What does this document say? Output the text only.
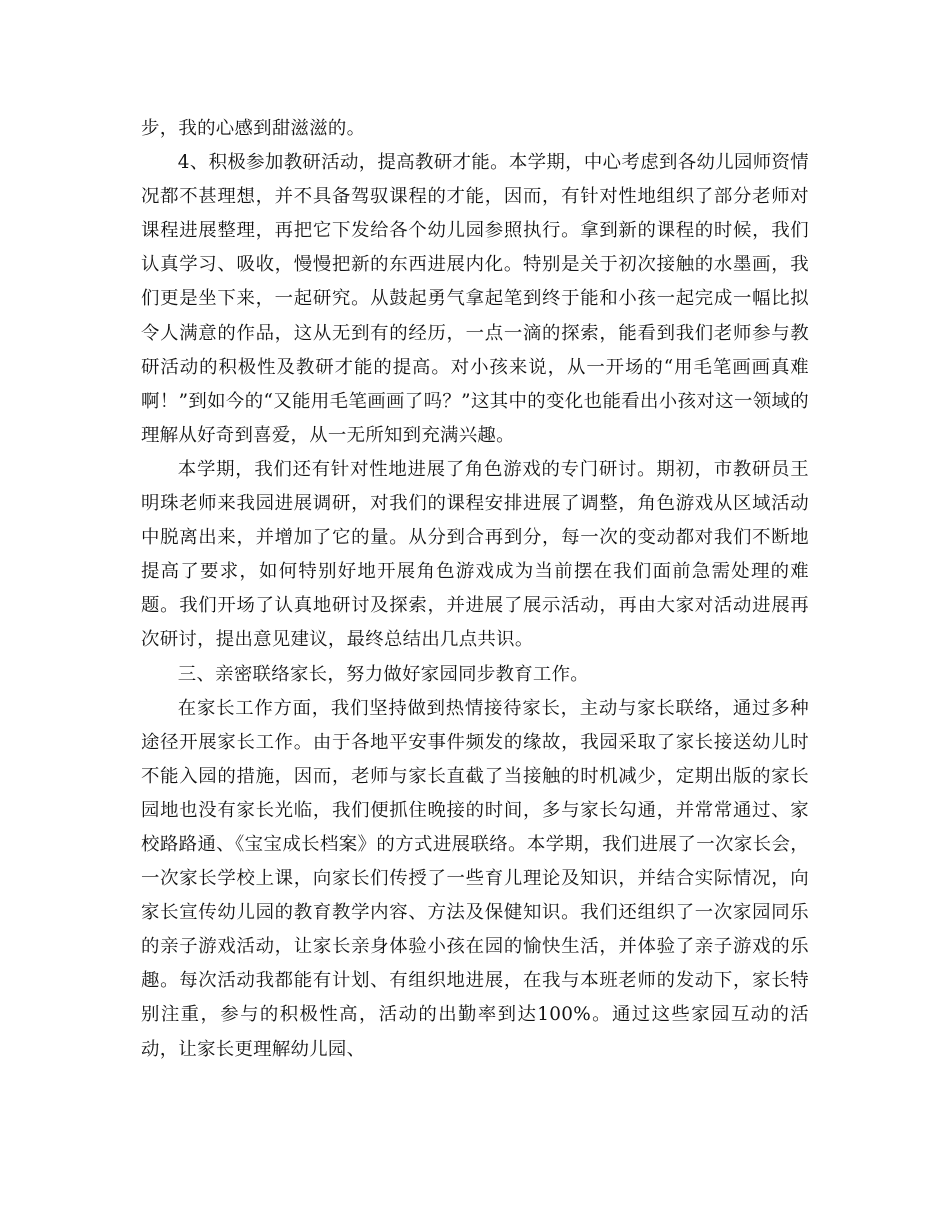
步，我的心感到甜滋滋的。

4、积极参加教研活动，提高教研才能。本学期，中心考虑到各幼儿园师资情况都不甚理想，并不具备驾驭课程的才能，因而，有针对性地组织了部分老师对课程进展整理，再把它下发给各个幼儿园参照执行。拿到新的课程的时候，我们认真学习、吸收，慢慢把新的东西进展内化。特别是关于初次接触的水墨画，我们更是坐下来，一起研究。从鼓起勇气拿起笔到终于能和小孩一起完成一幅比拟令人满意的作品，这从无到有的经历，一点一滴的探索，能看到我们老师参与教研活动的积极性及教研才能的提高。对小孩来说，从一开场的“用毛笔画画真难啊！”到如今的“又能用毛笔画画了吗？”这其中的变化也能看出小孩对这一领域的理解从好奇到喜爱，从一无所知到充满兴趣。

本学期，我们还有针对性地进展了角色游戏的专门研讨。期初，市教研员王明珠老师来我园进展调研，对我们的课程安排进展了调整，角色游戏从区域活动中脱离出来，并增加了它的量。从分到合再到分，每一次的变动都对我们不断地提高了要求，如何特别好地开展角色游戏成为当前摆在我们面前急需处理的难题。我们开场了认真地研讨及探索，并进展了展示活动，再由大家对活动进展再次研讨，提出意见建议，最终总结出几点共识。

三、亲密联络家长，努力做好家园同步教育工作。

在家长工作方面，我们坚持做到热情接待家长，主动与家长联络，通过多种途径开展家长工作。由于各地平安事件频发的缘故，我园采取了家长接送幼儿时不能入园的措施，因而，老师与家长直截了当接触的时机减少，定期出版的家长园地也没有家长光临，我们便抓住晚接的时间，多与家长勾通，并常常通过、家校路路通、《宝宝成长档案》的方式进展联络。本学期，我们进展了一次家长会，一次家长学校上课，向家长们传授了一些育儿理论及知识，并结合实际情况，向家长宣传幼儿园的教育教学内容、方法及保健知识。我们还组织了一次家园同乐的亲子游戏活动，让家长亲身体验小孩在园的愉快生活，并体验了亲子游戏的乐趣。每次活动我都能有计划、有组织地进展，在我与本班老师的发动下，家长特别注重，参与的积极性高，活动的出勤率到达100%。通过这些家园互动的活动，让家长更理解幼儿园、
